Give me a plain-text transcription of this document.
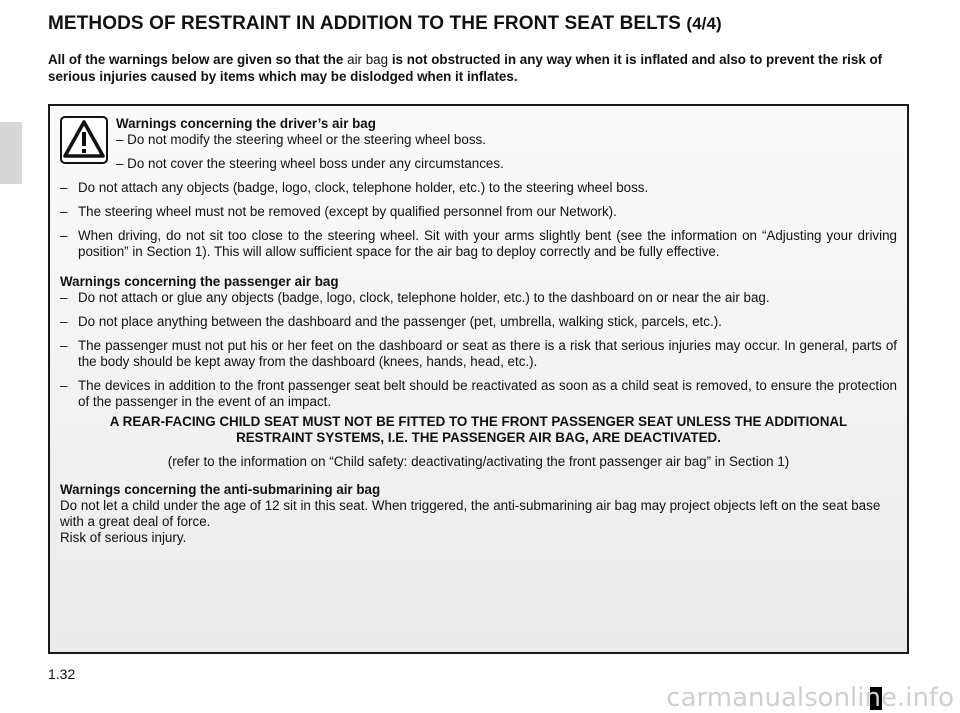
METHODS OF RESTRAINT IN ADDITION TO THE FRONT SEAT BELTS (4/4)
All of the warnings below are given so that the air bag is not obstructed in any way when it is inflated and also to prevent the risk of serious injuries caused by items which may be dislodged when it inflates.
Warnings concerning the driver’s air bag
– Do not modify the steering wheel or the steering wheel boss.
– Do not cover the steering wheel boss under any circumstances.
– Do not attach any objects (badge, logo, clock, telephone holder, etc.) to the steering wheel boss.
– The steering wheel must not be removed (except by qualified personnel from our Network).
– When driving, do not sit too close to the steering wheel. Sit with your arms slightly bent (see the information on “Adjusting your driving position” in Section 1). This will allow sufficient space for the air bag to deploy correctly and be fully effective.
Warnings concerning the passenger air bag
– Do not attach or glue any objects (badge, logo, clock, telephone holder, etc.) to the dashboard on or near the air bag.
– Do not place anything between the dashboard and the passenger (pet, umbrella, walking stick, parcels, etc.).
– The passenger must not put his or her feet on the dashboard or seat as there is a risk that serious injuries may occur. In general, parts of the body should be kept away from the dashboard (knees, hands, head, etc.).
– The devices in addition to the front passenger seat belt should be reactivated as soon as a child seat is removed, to ensure the protection of the passenger in the event of an impact.
A REAR-FACING CHILD SEAT MUST NOT BE FITTED TO THE FRONT PASSENGER SEAT UNLESS THE ADDITIONAL RESTRAINT SYSTEMS, I.E. THE PASSENGER AIR BAG, ARE DEACTIVATED.
(refer to the information on “Child safety: deactivating/activating the front passenger air bag” in Section 1)
Warnings concerning the anti-submarining air bag
Do not let a child under the age of 12 sit in this seat. When triggered, the anti-submarining air bag may project objects left on the seat base with a great deal of force.
Risk of serious injury.
1.32
carmanualsonline.info
